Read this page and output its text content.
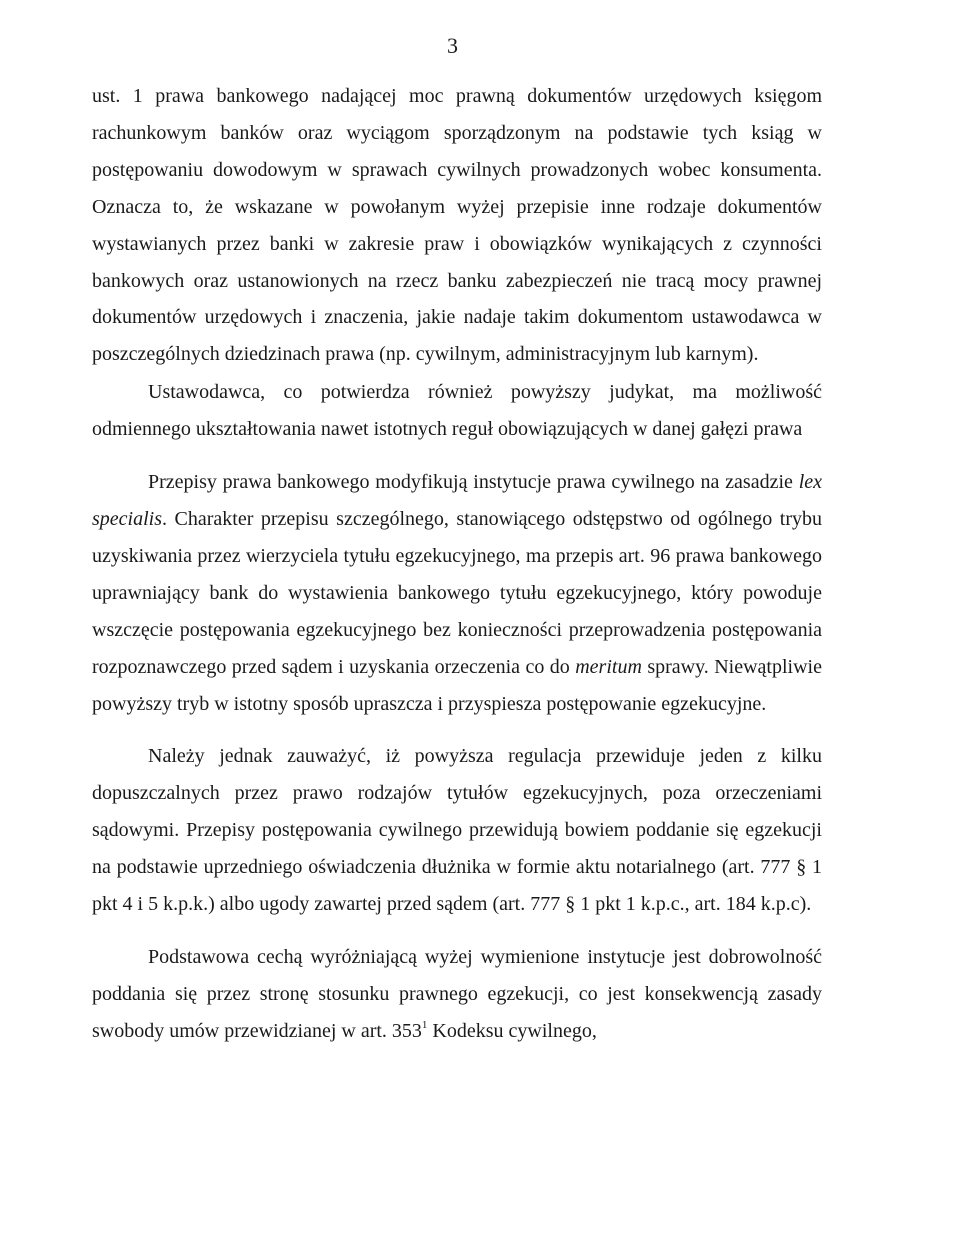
3

ust. 1 prawa bankowego nadającej moc prawną dokumentów urzędowych księgom rachunkowym banków oraz wyciągom sporządzonym na podstawie tych ksiąg w postępowaniu dowodowym w sprawach cywilnych prowadzonych wobec konsumenta. Oznacza to, że wskazane w powołanym wyżej przepisie inne rodzaje dokumentów wystawianych przez banki w zakresie praw i obowiązków wynikających z czynności bankowych oraz ustanowionych na rzecz banku zabezpieczeń nie tracą mocy prawnej dokumentów urzędowych i znaczenia, jakie nadaje takim dokumentom ustawodawca w poszczególnych dziedzinach prawa (np. cywilnym, administracyjnym lub karnym).

Ustawodawca, co potwierdza również powyższy judykat, ma możliwość odmiennego ukształtowania nawet istotnych reguł obowiązujących w danej gałęzi prawa

Przepisy prawa bankowego modyfikują instytucje prawa cywilnego na zasadzie lex specialis. Charakter przepisu szczególnego, stanowiącego odstępstwo od ogólnego trybu uzyskiwania przez wierzyciela tytułu egzekucyjnego, ma przepis art. 96 prawa bankowego uprawniający bank do wystawienia bankowego tytułu egzekucyjnego, który powoduje wszczęcie postępowania egzekucyjnego bez konieczności przeprowadzenia postępowania rozpoznawczego przed sądem i uzyskania orzeczenia co do meritum sprawy. Niewątpliwie powyższy tryb w istotny sposób upraszcza i przyspiesza postępowanie egzekucyjne.

Należy jednak zauważyć, iż powyższa regulacja przewiduje jeden z kilku dopuszczalnych przez prawo rodzajów tytułów egzekucyjnych, poza orzeczeniami sądowymi. Przepisy postępowania cywilnego przewidują bowiem poddanie się egzekucji na podstawie uprzedniego oświadczenia dłużnika w formie aktu notarialnego (art. 777 § 1 pkt 4 i 5 k.p.k.) albo ugody zawartej przed sądem (art. 777 § 1 pkt 1 k.p.c., art. 184 k.p.c).

Podstawowa cechą wyróżniającą wyżej wymienione instytucje jest dobrowolność poddania się przez stronę stosunku prawnego egzekucji, co jest konsekwencją zasady swobody umów przewidzianej w art. $353^1$ Kodeksu cywilnego,
